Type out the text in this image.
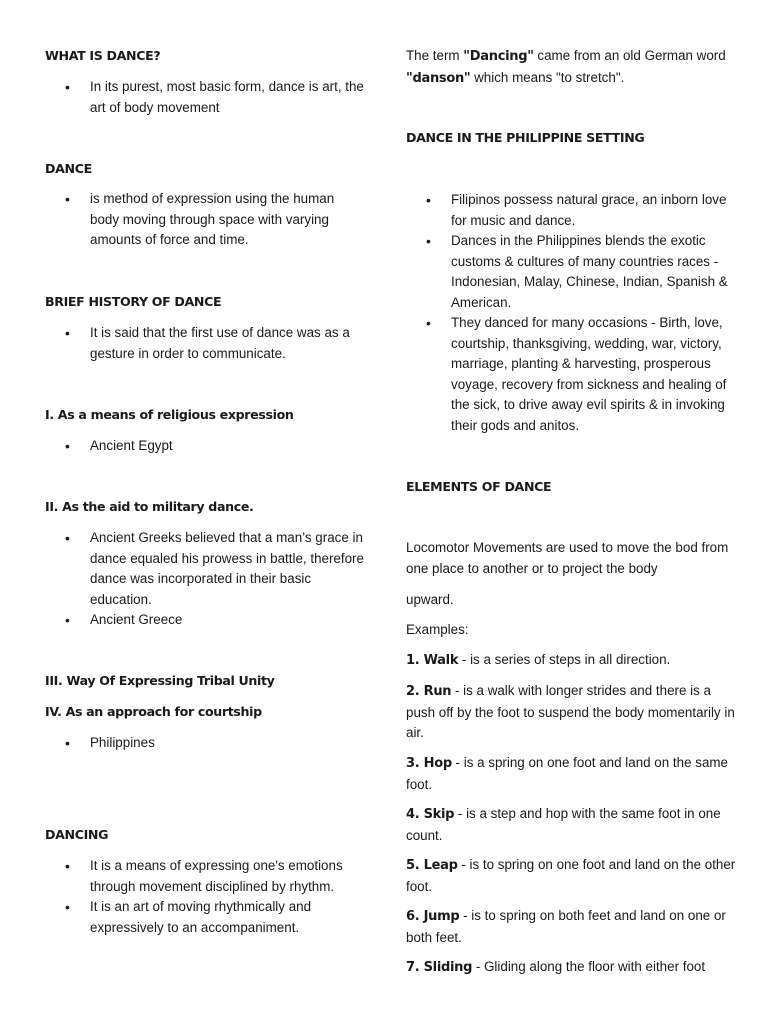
WHAT IS DANCE?
• In its purest, most basic form, dance is art, the art of body movement
DANCE
• is method of expression using the human body moving through space with varying amounts of force and time.
BRIEF HISTORY OF DANCE
• It is said that the first use of dance was as a gesture in order to communicate.
I. As a means of religious expression
• Ancient Egypt
II. As the aid to military dance.
• Ancient Greeks believed that a man’s grace in dance equaled his prowess in battle, therefore dance was incorporated in their basic education.
• Ancient Greece
III. Way Of Expressing Tribal Unity
IV. As an approach for courtship
• Philippines
DANCING
• It is a means of expressing one's emotions through movement disciplined by rhythm.
• It is an art of moving rhythmically and expressively to an accompaniment.

The term "Dancing" came from an old German word "danson" which means "to stretch".

DANCE IN THE PHILIPPINE SETTING
• Filipinos possess natural grace, an inborn love for music and dance.
• Dances in the Philippines blends the exotic customs & cultures of many countries races - Indonesian, Malay, Chinese, Indian, Spanish & American.
• They danced for many occasions - Birth, love, courtship, thanksgiving, wedding, war, victory, marriage, planting & harvesting, prosperous voyage, recovery from sickness and healing of the sick, to drive away evil spirits & in invoking their gods and anitos.
ELEMENTS OF DANCE

Locomotor Movements are used to move the bod from one place to another or to project the body

upward.

Examples:

1. Walk - is a series of steps in all direction.

2. Run - is a walk with longer strides and there is a push off by the foot to suspend the body momentarily in air.

3. Hop - is a spring on one foot and land on the same foot.

4. Skip - is a step and hop with the same foot in one count.

5. Leap - is to spring on one foot and land on the other foot.

6. Jump - is to spring on both feet and land on one or both feet.

7. Sliding - Gliding along the floor with either foot
